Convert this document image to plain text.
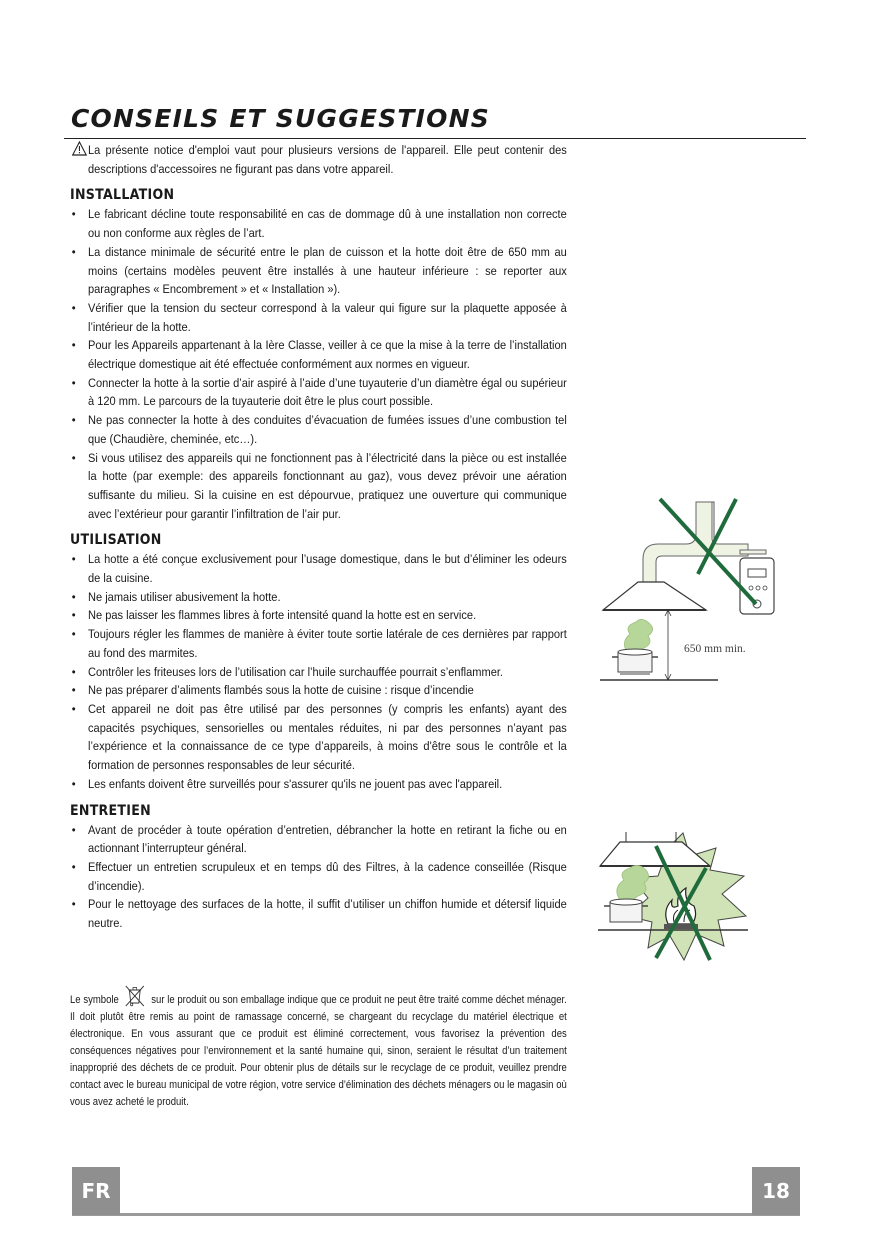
CONSEILS ET SUGGESTIONS

La présente notice d'emploi vaut pour plusieurs versions de l'appareil. Elle peut contenir des descriptions d'accessoires ne figurant pas dans votre appareil.

INSTALLATION
• Le fabricant décline toute responsabilité en cas de dommage dû à une installation non correcte ou non conforme aux règles de l’art.
• La distance minimale de sécurité entre le plan de cuisson et la hotte doit être de 650 mm au moins (certains modèles peuvent être installés à une hauteur inférieure : se reporter aux paragraphes « Encombrement » et « Installation »).
• Vérifier que la tension du secteur correspond à la valeur qui figure sur la plaquette apposée à l’intérieur de la hotte.
• Pour les Appareils appartenant à la Ière Classe, veiller à ce que la mise à la terre de l’installation électrique domestique ait été effectuée conformément aux normes en vigueur.
• Connecter la hotte à la sortie d’air aspiré à l’aide d’une tuyauterie d’un diamètre égal ou supérieur à 120 mm. Le parcours de la tuyauterie doit être le plus court possible.
• Ne pas connecter la hotte à des conduites d’évacuation de fumées issues d’une combustion tel que (Chaudière, cheminée, etc…).
• Si vous utilisez des appareils qui ne fonctionnent pas à l’électricité dans la pièce ou est installée la hotte (par exemple: des appareils fonctionnant au gaz), vous devez prévoir une aération suffisante du milieu. Si la cuisine en est dépourvue, pratiquez une ouverture qui communique avec l’extérieur pour garantir l’infiltration de l’air pur.
UTILISATION
• La hotte a été conçue exclusivement pour l’usage domestique, dans le but d’éliminer les odeurs de la cuisine.
• Ne jamais utiliser abusivement la hotte.
• Ne pas laisser les flammes libres à forte intensité quand la hotte est en service.
• Toujours régler les flammes de manière à éviter toute sortie latérale de ces dernières par rapport au fond des marmites.
• Contrôler les friteuses lors de l’utilisation car l’huile surchauffée pourrait s’enflammer.
• Ne pas préparer d’aliments flambés sous la hotte de cuisine : risque d’incendie
• Cet appareil ne doit pas être utilisé par des personnes (y compris les enfants) ayant des capacités psychiques, sensorielles ou mentales réduites, ni par des personnes n’ayant pas l’expérience et la connaissance de ce type d’appareils, à moins d'être sous le contrôle et la formation de personnes responsables de leur sécurité.
• Les enfants doivent être surveillés pour s'assurer qu'ils ne jouent pas avec l'appareil.
ENTRETIEN
• Avant de procéder à toute opération d’entretien, débrancher la hotte en retirant la fiche ou en actionnant l’interrupteur général.
• Effectuer un entretien scrupuleux et en temps dû des Filtres, à la cadence conseillée (Risque d’incendie).
• Pour le nettoyage des surfaces de la hotte, il suffit d’utiliser un chiffon humide et détersif liquide neutre.
Le symbole	sur le produit ou son emballage indique que ce produit ne peut être traité comme déchet ménager. Il doit plutôt être remis au point de ramassage concerné, se chargeant du recyclage du matériel électrique et électronique. En vous assurant que ce produit est éliminé correctement, vous favorisez la prévention des conséquences négatives pour l’environnement et la santé humaine qui, sinon, seraient le résultat d’un traitement inapproprié des déchets de ce produit. Pour obtenir plus de détails sur le recyclage de ce produit, veuillez prendre contact avec le bureau municipal de votre région, votre service d’élimination des déchets ménagers ou le magasin où vous avez acheté le produit.
650 mm min.
FR	18
